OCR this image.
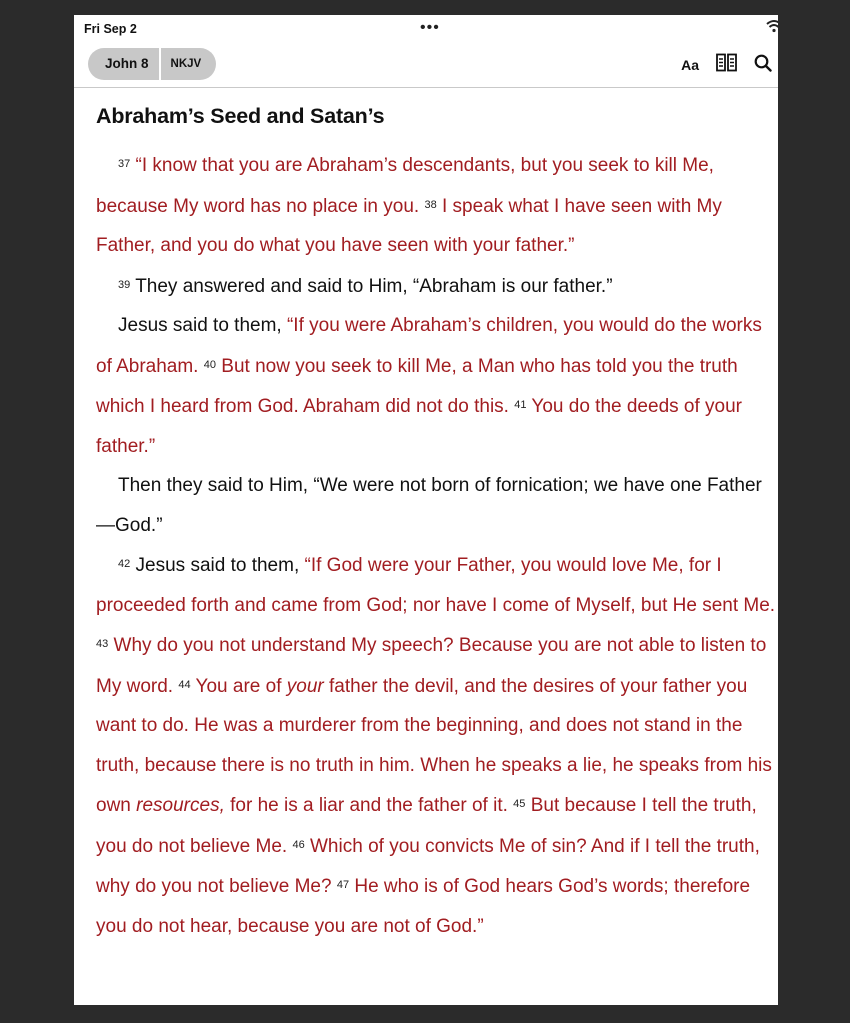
Fri Sep 2	•••
John 8	NKJV	Aa
Abraham’s Seed and Satan’s

$^{37}$ “I know that you are Abraham’s descendants, but you seek to kill Me, because My word has no place in you. $^{38}$ I speak what I have seen with My Father, and you do what you have seen with your father.”

$^{39}$ They answered and said to Him, “Abraham is our father.”

Jesus said to them, “If you were Abraham’s children, you would do the works of Abraham. $^{40}$ But now you seek to kill Me, a Man who has told you the truth which I heard from God. Abraham did not do this. $^{41}$ You do the deeds of your father.”

Then they said to Him, “We were not born of fornication; we have one Father—God.”

$^{42}$ Jesus said to them, “If God were your Father, you would love Me, for I proceeded forth and came from God; nor have I come of Myself, but He sent Me. $^{43}$ Why do you not understand My speech? Because you are not able to listen to My word. $^{44}$ You are of your father the devil, and the desires of your father you want to do. He was a murderer from the beginning, and does not stand in the truth, because there is no truth in him. When he speaks a lie, he speaks from his own resources, for he is a liar and the father of it. $^{45}$ But because I tell the truth, you do not believe Me. $^{46}$ Which of you convicts Me of sin? And if I tell the truth, why do you not believe Me? $^{47}$ He who is of God hears God’s words; therefore you do not hear, because you are not of God.”
